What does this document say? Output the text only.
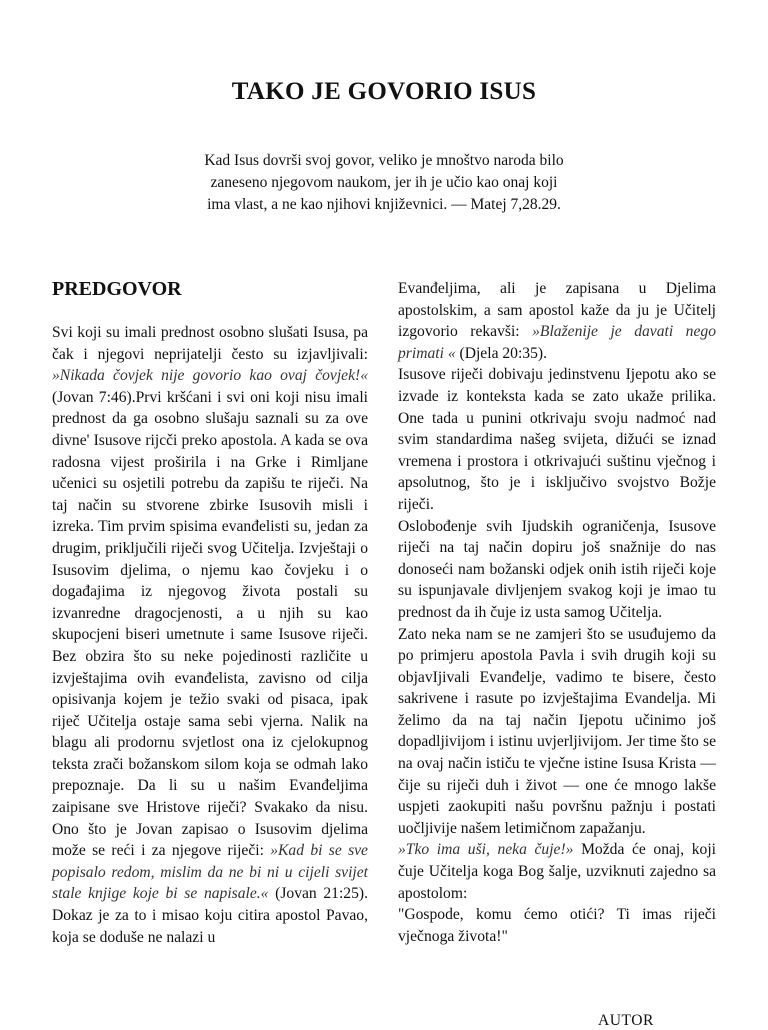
TAKO JE GOVORIO ISUS

Kad Isus dovrši svoj govor, veliko je mnoštvo naroda bilo zaneseno njegovom naukom, jer ih je učio kao onaj koji ima vlast, a ne kao njihovi književnici. — Matej 7,28.29.

PREDGOVOR

Svi koji su imali prednost osobno slušati Isusa, pa čak i njegovi neprijatelji često su izjavljivali: »Nikada čovjek nije govorio kao ovaj čovjek!« (Jovan 7:46).Prvi kršćani i svi oni koji nisu imali prednost da ga osobno slušaju saznali su za ove divne' Isusove rijcči preko apostola. A kada se ova radosna vijest proširila i na Grke i Rimljane učenici su osjetili potrebu da zapišu te riječi. Na taj način su stvorene zbirke Isusovih misli i izreka. Tim prvim spisima evanđelisti su, jedan za drugim, priključili riječi svog Učitelja. Izvještaji o Isusovim djelima, o njemu kao čovjeku i o događajima iz njegovog života postali su izvanredne dragocjenosti, a u njih su kao skupocjeni biseri umetnute i same Isusove riječi. Bez obzira što su neke pojedinosti različite u izvještajima ovih evanđelista, zavisno od cilja opisivanja kojem je težio svaki od pisaca, ipak riječ Učitelja ostaje sama sebi vjerna. Nalik na blagu ali prodornu svjetlost ona iz cjelokupnog teksta zrači božanskom silom koja se odmah lako prepoznaje. Da li su u našim Evanđeljima zaipisane sve Hristove riječi? Svakako da nisu. Ono što je Jovan zapisao o Isusovim djelima može se reći i za njegove riječi: »Kad bi se sve popisalo redom, mislim da ne bi ni u cijeli svijet stale knjige koje bi se napisale.« (Jovan 21:25). Dokaz je za to i misao koju citira apostol Pavao, koja se doduše ne nalazi u

Evanđeljima, ali je zapisana u Djelima apostolskim, a sam apostol kaže da ju je Učitelj izgovorio rekavši: »Blaženije je davati nego primati « (Djela 20:35).

Isusove riječi dobivaju jedinstvenu Ijepotu ako se izvade iz konteksta kada se zato ukaže prilika. One tada u punini otkrivaju svoju nadmoć nad svim standardima našeg svijeta, dižući se iznad vremena i prostora i otkrivajući suštinu vječnog i apsolutnog, što je i isključivo svojstvo Božje riječi.

Oslobođenje svih Ijudskih ograničenja, Isusove riječi na taj način dopiru još snažnije do nas donoseći nam božanski odjek onih istih riječi koje su ispunjavale divljenjem svakog koji je imao tu prednost da ih čuje iz usta samog Učitelja.

Zato neka nam se ne zamjeri što se usuđujemo da po primjeru apostola Pavla i svih drugih koji su objavIjivali Evanđelje, vadimo te bisere, često sakrivene i rasute po izvještajima Evandelja. Mi želimo da na taj način Ijepotu učinimo još dopadljivijom i istinu uvjerljivijom. Jer time što se na ovaj način ističu te vječne istine Isusa Krista — čije su riječi duh i život — one će mnogo lakše uspjeti zaokupiti našu površnu pažnju i postati uočljivije našem letimičnom zapažanju.

»Tko ima uši, neka čuje!» Možda će onaj, koji čuje Učitelja koga Bog šalje, uzviknuti zajedno sa apostolom:

"Gospode, komu ćemo otići? Ti imas riječi vječnoga života!"

AUTOR
